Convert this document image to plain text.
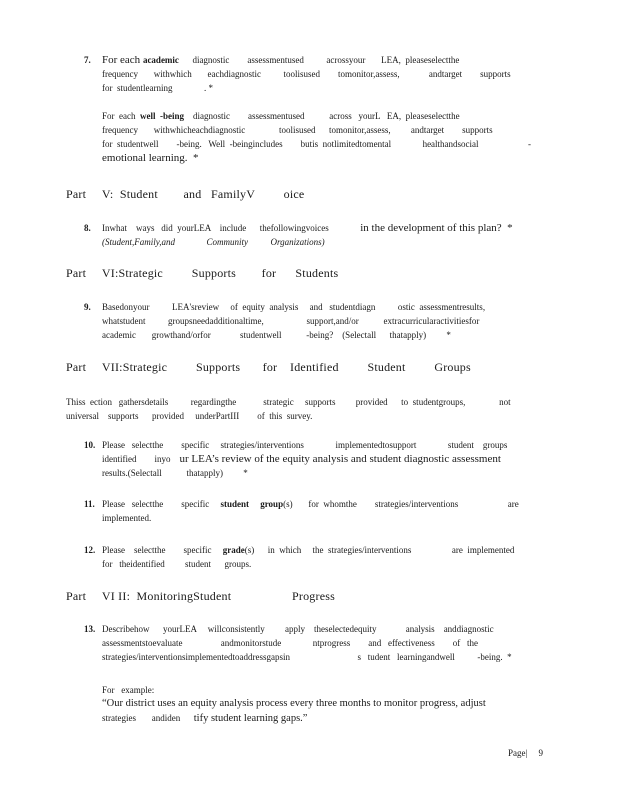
7. For each academic      diagnostic        assessmentused          acrossyour       LEA,  pleaseselectthe

frequency       withwhich       eachdiagnostic          toolisused        tomonitor,assess,             andtarget        supports

for  studentlearning              . *

For  each  well  -being    diagnostic        assessmentused           across   yourL   EA,  pleaseselectthe

frequency       withwhicheachdiagnostic               toolisused      tomonitor,assess,         andtarget        supports

for  studentwell        -being.   Well  -beingincludes        butis  notlimitedtomental              healthandsocial                      -

emotional learning.  *

Part     V:  Student        and   FamilyV         oice
8. Inwhat    ways   did  yourLEA    include      thefollowingvoices              in the development of this plan?  *

(Student,Family,and              Community          Organizations)

Part     VI:Strategic         Supports        for      Students
9. Basedonyour          LEA'sreview     of  equity  analysis     and   studentdiagn          ostic  assessmentresults,

whatstudent          groupsneedadditionaltime,                   support,and/or           extracurricularactivitiesfor

academic       growthand/orfor             studentwell           -being?    (Selectall      thatapply)         *

Part     VII:Strategic         Supports       for    Identified         Student         Groups

Thiss  ection   gathersdetails          regardingthe            strategic     supports         provided      to  studentgroups,               not

universal    supports      provided     underPartIII        of  this  survey.

10. Please   selectthe        specific     strategies/interventions              implementedtosupport              student    groups

identified        inyo    ur LEA’s review of the equity analysis and student diagnostic assessment

results.(Selectall           thatapply)         *

11. Please   selectthe        specific     student     group(s)       for  whomthe        strategies/interventions                      are

implemented.

12. Please    selectthe        specific     grade(s)      in  which     the  strategies/interventions                  are  implemented

for   theidentified         student      groups.

Part     VI II:  MonitoringStudent                   Progress
13. Describehow      yourLEA     willconsistently         apply    theselectedequity             analysis    anddiagnostic

assessmentstoevaluate                 andmonitorstude              ntprogress        and   effectiveness        of   the

strategies/interventionsimplementedtoaddressgapsin                              s   tudent   learningandwell          -being.  *

For   example:

“Our district uses an equity analysis process every three months to monitor progress, adjust

strategies       andiden      tify student learning gaps.”

Page|     9
